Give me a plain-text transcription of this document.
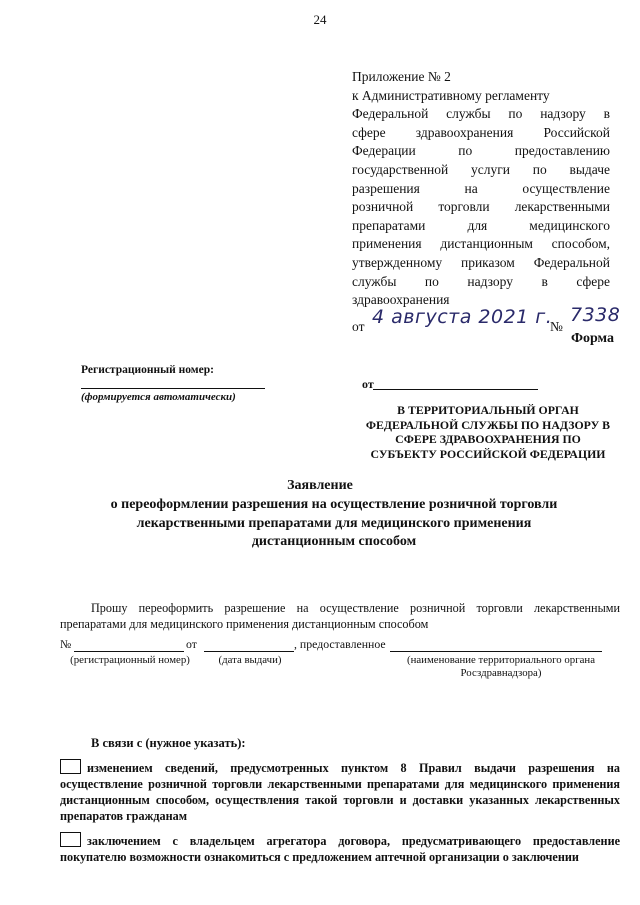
24
Приложение № 2
к Административному регламенту
Федеральной службы по надзору в
сфере здравоохранения Российской
Федерации по предоставлению
государственной услуги по выдаче
разрешения на осуществление
розничной торговли лекарственными
препаратами для медицинского
применения дистанционным способом,
утвержденному приказом Федеральной
службы по надзору в сфере
здравоохранения
от 4 августа 2021 г.
№
7338
Форма
Регистрационный номер:
(формируется автоматически)
от
В ТЕРРИТОРИАЛЬНЫЙ ОРГАН ФЕДЕРАЛЬНОЙ СЛУЖБЫ ПО НАДЗОРУ В СФЕРЕ ЗДРАВООХРАНЕНИЯ ПО СУБЪЕКТУ РОССИЙСКОЙ ФЕДЕРАЦИИ
Заявление
о переоформлении разрешения на осуществление розничной торговли лекарственными препаратами для медицинского применения дистанционным способом
Прошу переоформить разрешение на осуществление розничной торговли лекарственными препаратами для медицинского применения дистанционным способом
№	от	, предоставленное
(регистрационный номер)	(дата выдачи)	(наименование территориального органа Росздравнадзора)
В связи с (нужное указать):
изменением сведений, предусмотренных пунктом 8 Правил выдачи разрешения на осуществление розничной торговли лекарственными препаратами для медицинского применения дистанционным способом, осуществления такой торговли и доставки указанных лекарственных препаратов гражданам
заключением с владельцем агрегатора договора, предусматривающего предоставление покупателю возможности ознакомиться с предложением аптечной организации о заключении
